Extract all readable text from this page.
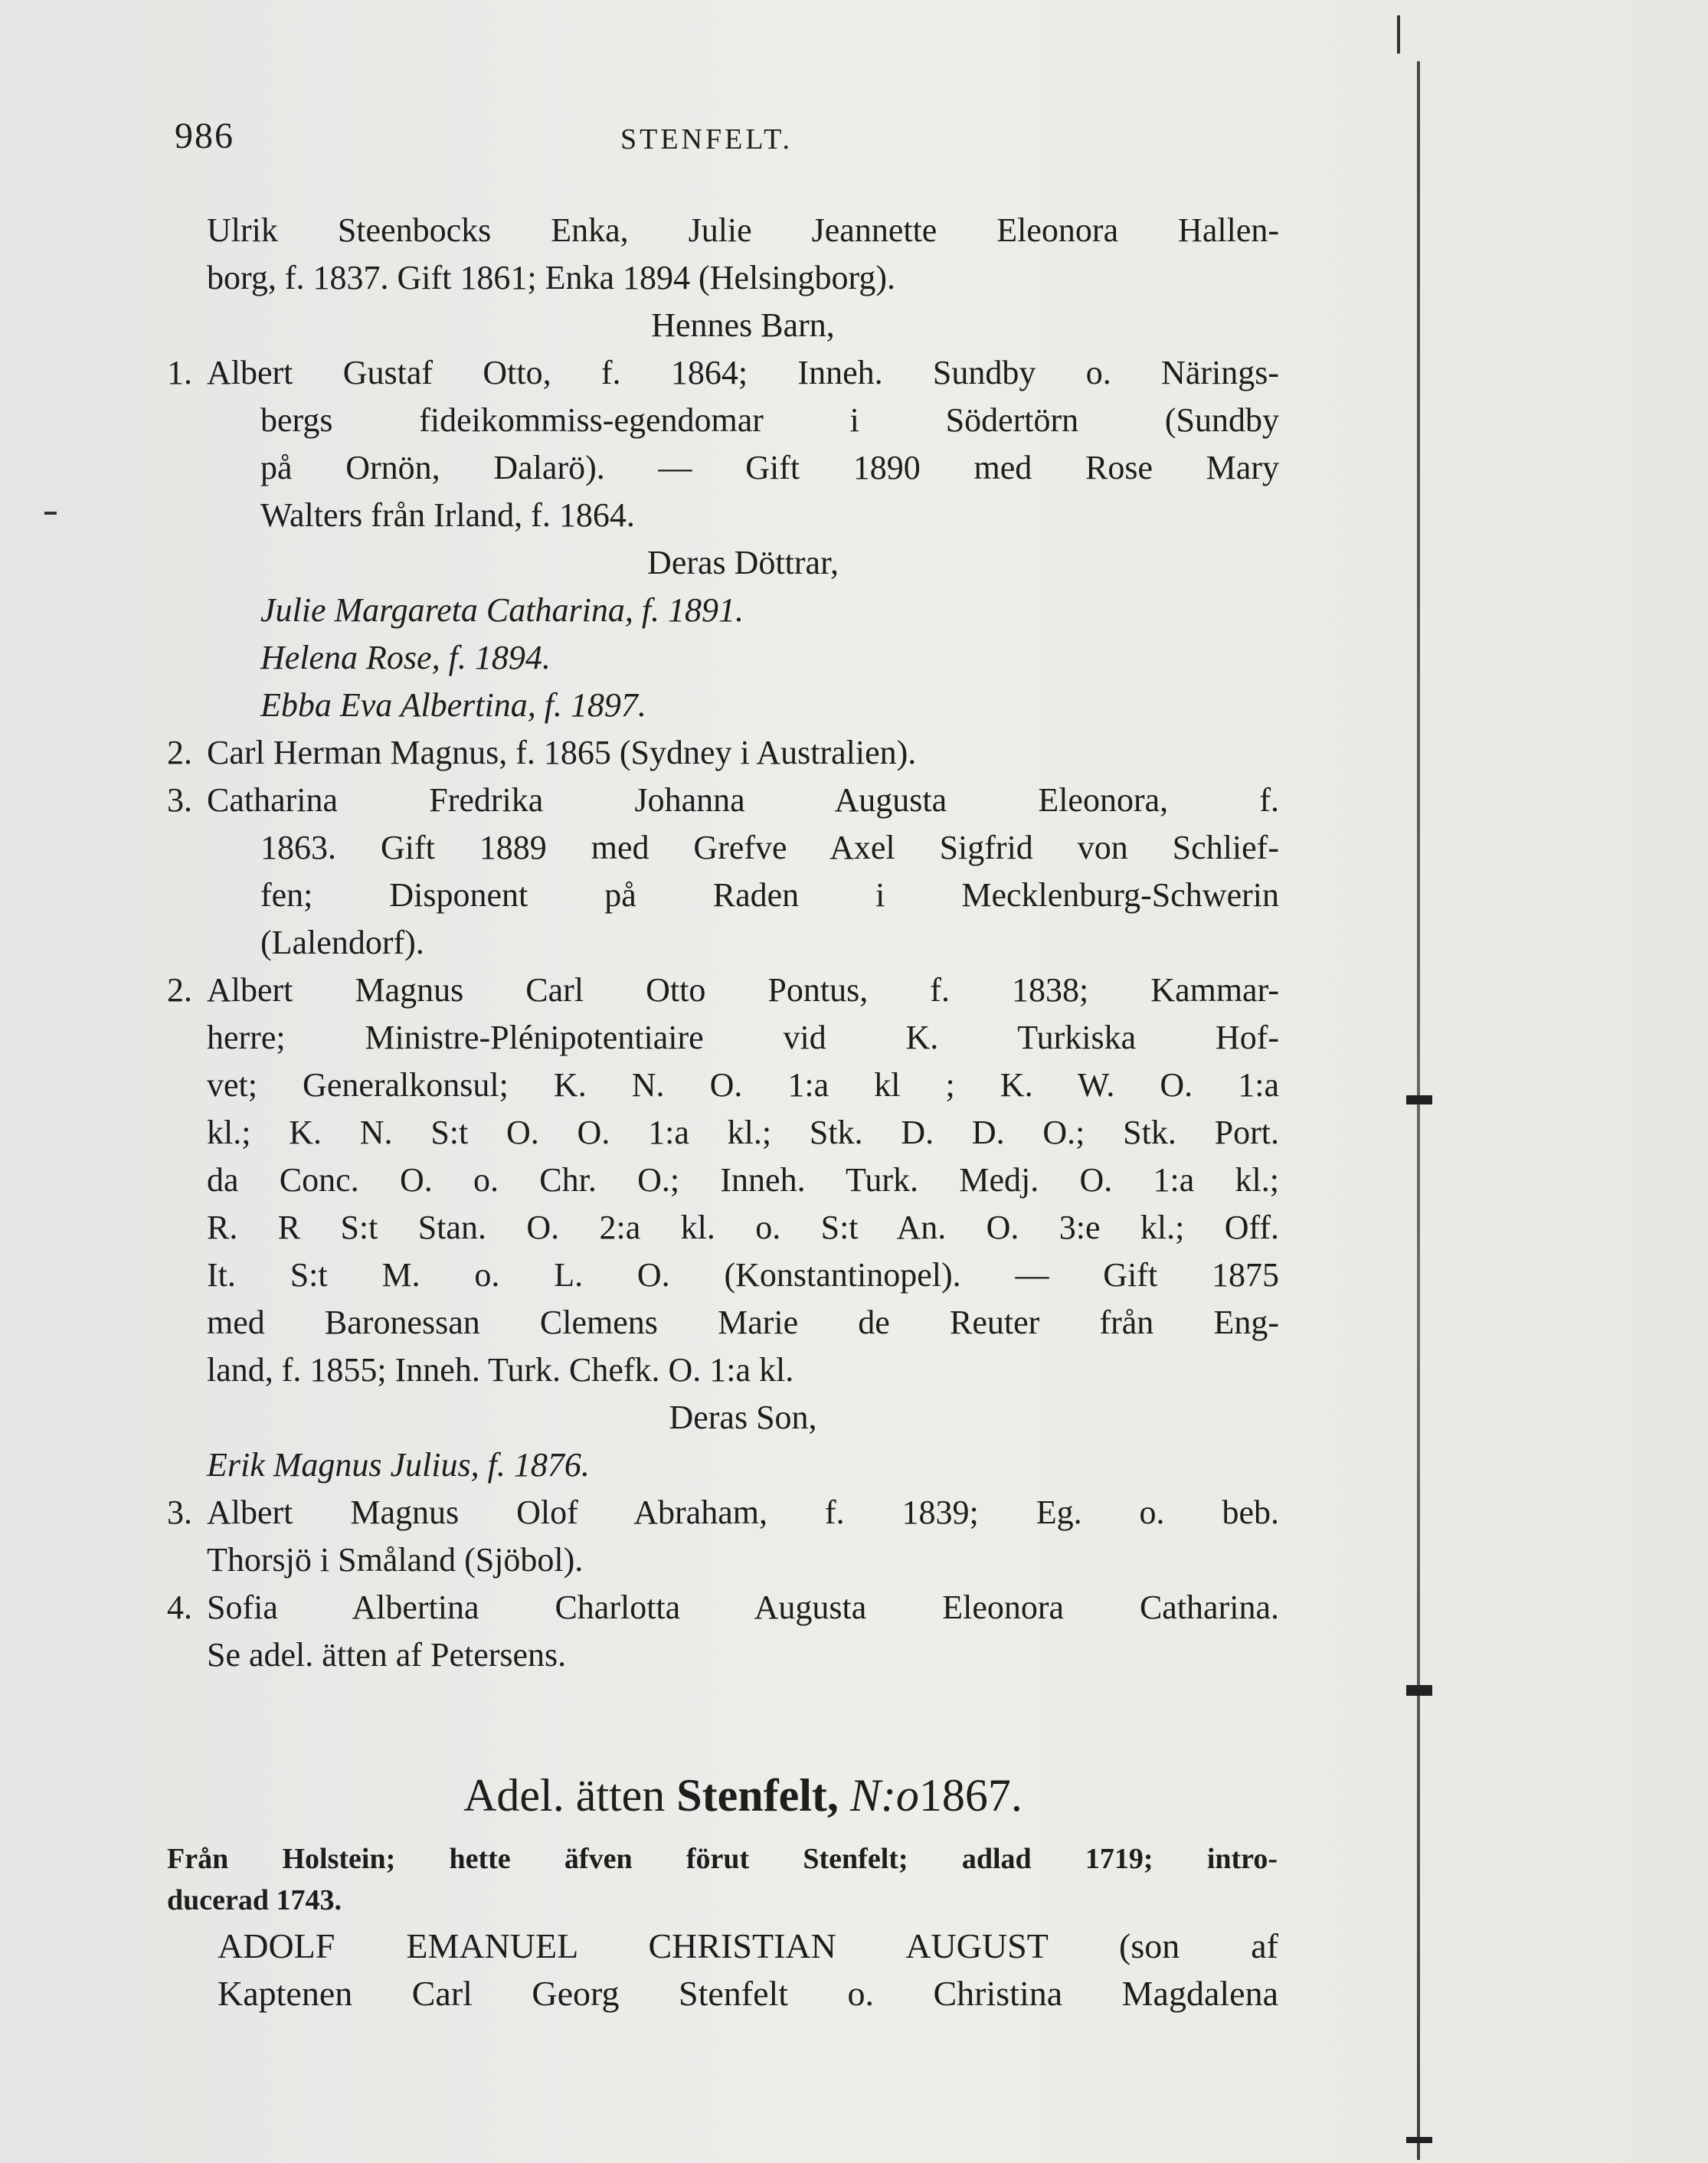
986	STENFELT.
Ulrik Steenbocks Enka, Julie Jeannette Eleonora Hallen-
borg, f. 1837. Gift 1861; Enka 1894 (Helsingborg).
Hennes Barn,
1. Albert Gustaf Otto, f. 1864; Inneh. Sundby o. Närings-
bergs fideikommiss-egendomar i Södertörn (Sundby
på Ornön, Dalarö). — Gift 1890 med Rose Mary
Walters från Irland, f. 1864.
Deras Döttrar,
Julie Margareta Catharina, f. 1891.
Helena Rose, f. 1894.
Ebba Eva Albertina, f. 1897.
2. Carl Herman Magnus, f. 1865 (Sydney i Australien).
3. Catharina Fredrika Johanna Augusta Eleonora, f.
1863. Gift 1889 med Grefve Axel Sigfrid von Schlief-
fen; Disponent på Raden i Mecklenburg-Schwerin
(Lalendorf).
2. Albert Magnus Carl Otto Pontus, f. 1838; Kammar-
herre; Ministre-Plénipotentiaire vid K. Turkiska Hof-
vet; Generalkonsul; K. N. O. 1:a kl ; K. W. O. 1:a
kl.; K. N. S:t O. O. 1:a kl.; Stk. D. D. O.; Stk. Port.
da Conc. O. o. Chr. O.; Inneh. Turk. Medj. O. 1:a kl.;
R. R S:t Stan. O. 2:a kl. o. S:t An. O. 3:e kl.; Off.
It. S:t M. o. L. O. (Konstantinopel). — Gift 1875
med Baronessan Clemens Marie de Reuter från Eng-
land, f. 1855; Inneh. Turk. Chefk. O. 1:a kl.
Deras Son,
Erik Magnus Julius, f. 1876.
3. Albert Magnus Olof Abraham, f. 1839; Eg. o. beb.
Thorsjö i Småland (Sjöbol).
4. Sofia Albertina Charlotta Augusta Eleonora Catharina.
Se adel. ätten af Petersens.
Adel. ätten Stenfelt, N:o1867.
Från Holstein; hette äfven förut Stenfelt; adlad 1719; intro-
ducerad 1743.
ADOLF EMANUEL CHRISTIAN AUGUST (son af
Kaptenen Carl Georg Stenfelt o. Christina Magdalena
